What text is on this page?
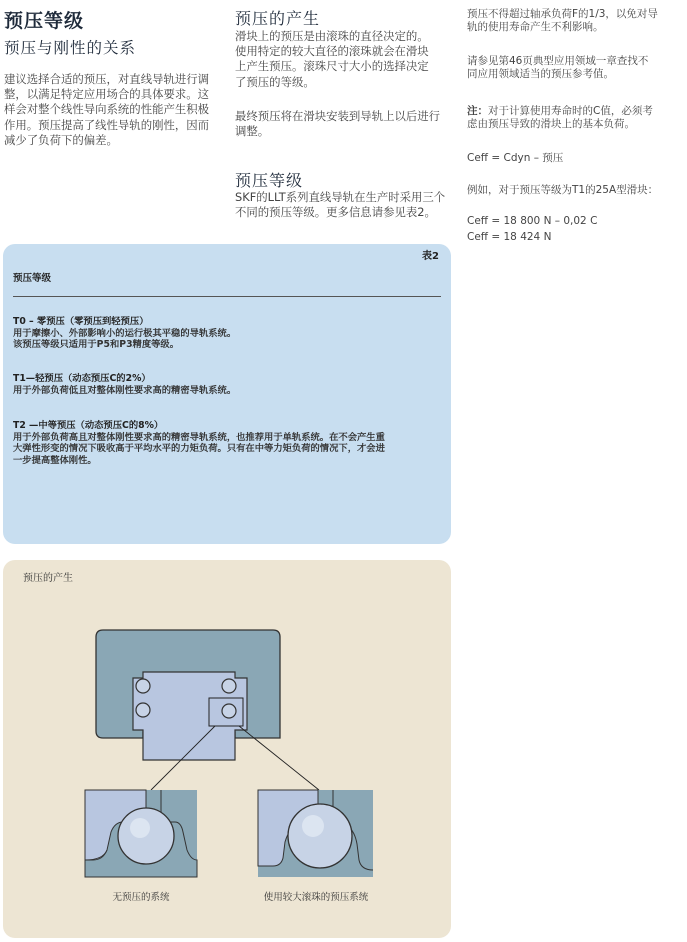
预压等级
预压与刚性的关系
建议选择合适的预压，对直线导轨进行调
整，以满足特定应用场合的具体要求。这
样会对整个线性导向系统的性能产生积极
作用。预压提高了线性导轨的刚性，因而
减少了负荷下的偏差。
预压的产生
滑块上的预压是由滚珠的直径决定的。
使用特定的较大直径的滚珠就会在滑块
上产生预压。滚珠尺寸大小的选择决定
了预压的等级。
最终预压将在滑块安装到导轨上以后进行
调整。
预压等级
SKF的LLT系列直线导轨在生产时采用三个
不同的预压等级。更多信息请参见表2。
预压不得超过轴承负荷F的1/3，以免对导
轨的使用寿命产生不利影响。
请参见第46页典型应用领域一章查找不
同应用领域适当的预压参考值。
注：对于计算使用寿命时的C值，必须考
虑由预压导致的滑块上的基本负荷。
Ceff = Cdyn – 预压
例如，对于预压等级为T1的25A型滑块：
Ceff = 18 800 N – 0,02 C
Ceff = 18 424 N
表2
预压等级
T0 – 零预压（零预压到轻预压）
用于摩擦小、外部影响小的运行极其平稳的导轨系统。
该预压等级只适用于P5和P3精度等级。
T1—轻预压（动态预压C的2%）
用于外部负荷低且对整体刚性要求高的精密导轨系统。
T2 —中等预压（动态预压C的8%）
用于外部负荷高且对整体刚性要求高的精密导轨系统，也推荐用于单轨系统。在不会产生重
大弹性形变的情况下吸收高于平均水平的力矩负荷。只有在中等力矩负荷的情况下，才会进
一步提高整体刚性。
预压的产生
无预压的系统	使用较大滚珠的预压系统
